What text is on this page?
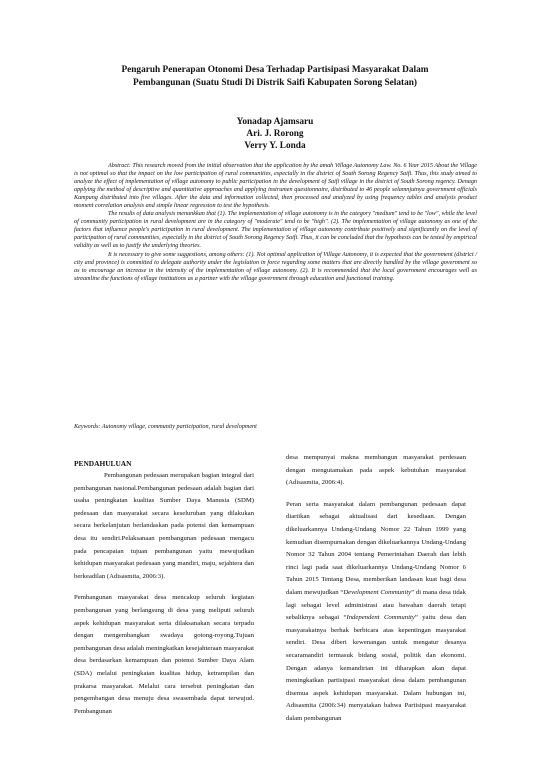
Pengaruh Penerapan Otonomi Desa Terhadap Partisipasi Masyarakat Dalam
Pembangunan (Suatu Studi Di Distrik Saifi Kabupaten Sorong Selatan)
Yonadap Ajamsaru
Ari. J. Rorong
Verry Y. Londa

Abstract: This research moved from the initial observation that the application by the amah Village Autonomy Law. No. 6 Year 2015 About the Village is not optimal so that the impact on the low participation of rural communities, especially in the district of South Sorong Regency Saifi. Thus, this study aimed to analyze the effect of implementation of village autonomy to public participation in the development of Saifi village in the district of South Sorong regency. Denagn applying the method of descriptive and quantitative approaches and applying instrumen questionnaire, distributed to 46 people selamnjutnya government officials Kampung distributed into five villages. After the data and information collected, then processed and analyzed by using frequency tables and analysis product moment correlation analysis and simple linear regression to test the hypothesis.

The results of data analysis menunkkan that (1). The implementation of village autonomy is in the category "medium" tend to be "low", while the level of community participation in rural development are in the category of "moderate" tend to be "high". (2). The implementation of village autonomy as one of the factors that influence people's participation in rural development. The implementation of village autonomy contribute positively and significantly on the level of participation of rural communities, especially in the district of South Sorong Regency Saifi. Thus, it can be concluded that the hypothesis can be tested by empirical validity as well as to justify the underlying theories.

It is necessary to give some suggestions, among others: (1). Not optimal application of Village Autonomy, it is expected that the government (district / city and province) is committed to delegate authority under the legislation in force regarding some matters that are directly handled by the village government so as to encourage an increase in the intensity of the implementation of village autonomy. (2). It is recommended that the local government encourages well as streamline the functions of village institutions as a partner with the village government through education and functional training.

Keywords: Autonomy village, community participation, rural development

PENDAHULUAN

Pembangunan pedesaan merupakan bagian integral dari pembangunan nasional.Pembangunan pedesaan adalah bagian dari usaha peningkatan kualitas Sumber Daya Manusia (SDM) pedesaan dan masyarakat secara keseluruhan yang dilakukan secara berkelanjutan berlandaskan pada potensi dan kemampuan desa itu sendiri.Pelaksanaan pembangunan pedesaan mengacu pada pencapaian tujuan pembangunan yaitu mewujudkan kehidupan masyarakat pedesaan yang mandiri, maju, sejahtera dan berkeadilan (Adisasmita, 2006:3).

Pembangunan masyarakat desa mencakup seluruh kegiatan pembangunan yang berlangsung di desa yang meliputi seluruh aspek kehidupan masyarakat serta dilaksanakan secara terpadu dengan mengembangkan swadaya gotong-royong.Tujuan pembangunan desa adalah meningkatkan kesejahteraan masyarakat desa berdasarkan kemampuan dan potensi Sumber Daya Alam (SDA) melalui peningkatan kualitas hidup, ketrampilan dan prakarsa masyarakat. Melalui cara tersebut peningkatan dan pengembangan desa menuju desa swasembada dapat terwujud. Pembangunan

desa mempunyai makna membangun masyarakat perdesaan dengan mengutamakan pada aspek kebutuhan masyarakat (Adisasmita, 2006:4).

Peran serta masyarakat dalam pembangunan pedesaan dapat diartikan sebagai aktualisasi dari kesediaan. Dengan dikeluarkannya Undang-Undang Nomor 22 Tahun 1999 yang kemudian disempurnakan dengan dikeluarkannya Undang-Undang Nomor 32 Tahun 2004 tentang Pemerintahan Daerah dan lebih rinci lagi pada saat dikeluarkannya Undang-Undang Nomor 6 Tahun 2015 Tentang Desa, memberikan landasan kuat bagi desa dalam mewujudkan “Development Community” di mana desa tidak lagi sebagai level administrasi atau bawahan daerah tetapi sebaliknya sebagai “Independent Community” yaitu desa dan masyarakatnya berhak berbicara atas kepentingan masyarakat sendiri. Desa diberi kewenangan untuk mengatur desanya secaramandiri termasuk bidang sosial, politik dan ekonomi. Dengan adanya kemandirian ini diharapkan akan dapat meningkatkan partisipasi masyarakat desa dalam pembangunan disemua aspek kehidupan masyarakat. Dalam hubungan ini, Adisasmita (2006:34) menyatakan bahwa Partisipasi masyarakat dalam pembangunan
